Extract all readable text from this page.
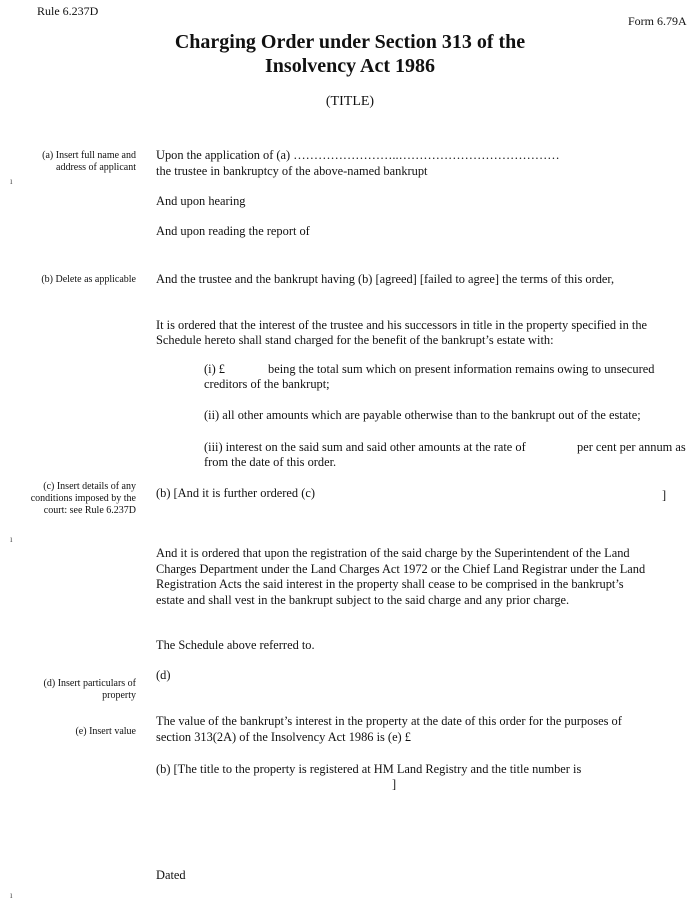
Rule 6.237D

Form 6.79A

Charging Order under Section 313 of the

Insolvency Act 1986

(TITLE)

(a) Insert full name and

address of applicant

(b) Delete as applicable

(c) Insert details of any

conditions imposed by the

court: see Rule 6.237D

(d) Insert particulars of

property

(e) Insert value

ı
ı
ı

Upon the application of (a) ……………………..…………………………………

the trustee in bankruptcy of the above-named bankrupt

And upon hearing

And upon reading the report of

And the trustee and the bankrupt having (b) [agreed] [failed to agree] the terms of this order,

It is ordered that the interest of the trustee and his successors in title in the property specified in the

Schedule hereto shall stand charged for the benefit of the bankrupt’s estate with:

(i) £	being the total sum which on present information remains owing to unsecured

creditors of the bankrupt;

(ii) all other amounts which are payable otherwise than to the bankrupt out of the estate;

(iii) interest on the said sum and said other amounts at the rate of	per cent per annum as

from the date of this order.

(b) [And it is further ordered (c)	]

And it is ordered that upon the registration of the said charge by the Superintendent of the Land

Charges Department under the Land Charges Act 1972 or the Chief Land Registrar under the Land

Registration Acts the said interest in the property shall cease to be comprised in the bankrupt’s

estate and shall vest in the bankrupt subject to the said charge and any prior charge.

The Schedule above referred to.

(d)

The value of the bankrupt’s interest in the property at the date of this order for the purposes of

section 313(2A) of the Insolvency Act 1986 is (e) £

(b) [The title to the property is registered at HM Land Registry and the title number is

]

Dated
